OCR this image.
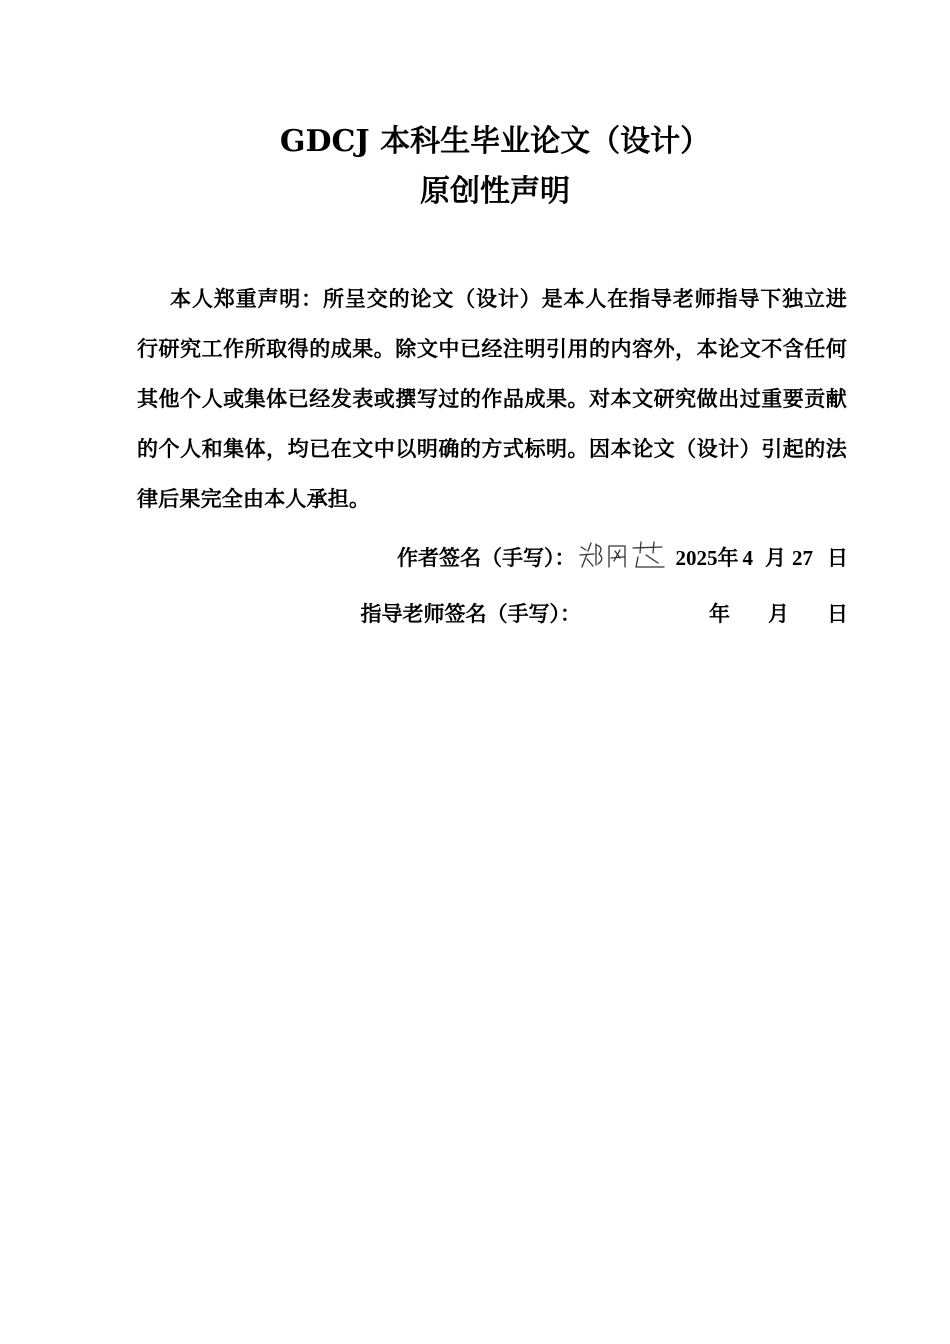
GDCJ 本科生毕业论文（设计）
原创性声明
本人郑重声明：所呈交的论文（设计）是本人在指导老师指导下独立进行研究工作所取得的成果。除文中已经注明引用的内容外，本论文不含任何其他个人或集体已经发表或撰写过的作品成果。对本文研究做出过重要贡献的个人和集体，均已在文中以明确的方式标明。因本论文（设计）引起的法律后果完全由本人承担。
作者签名（手写）：	2025 年 4 月 27 日
指导老师签名（手写）：	年 月 日
